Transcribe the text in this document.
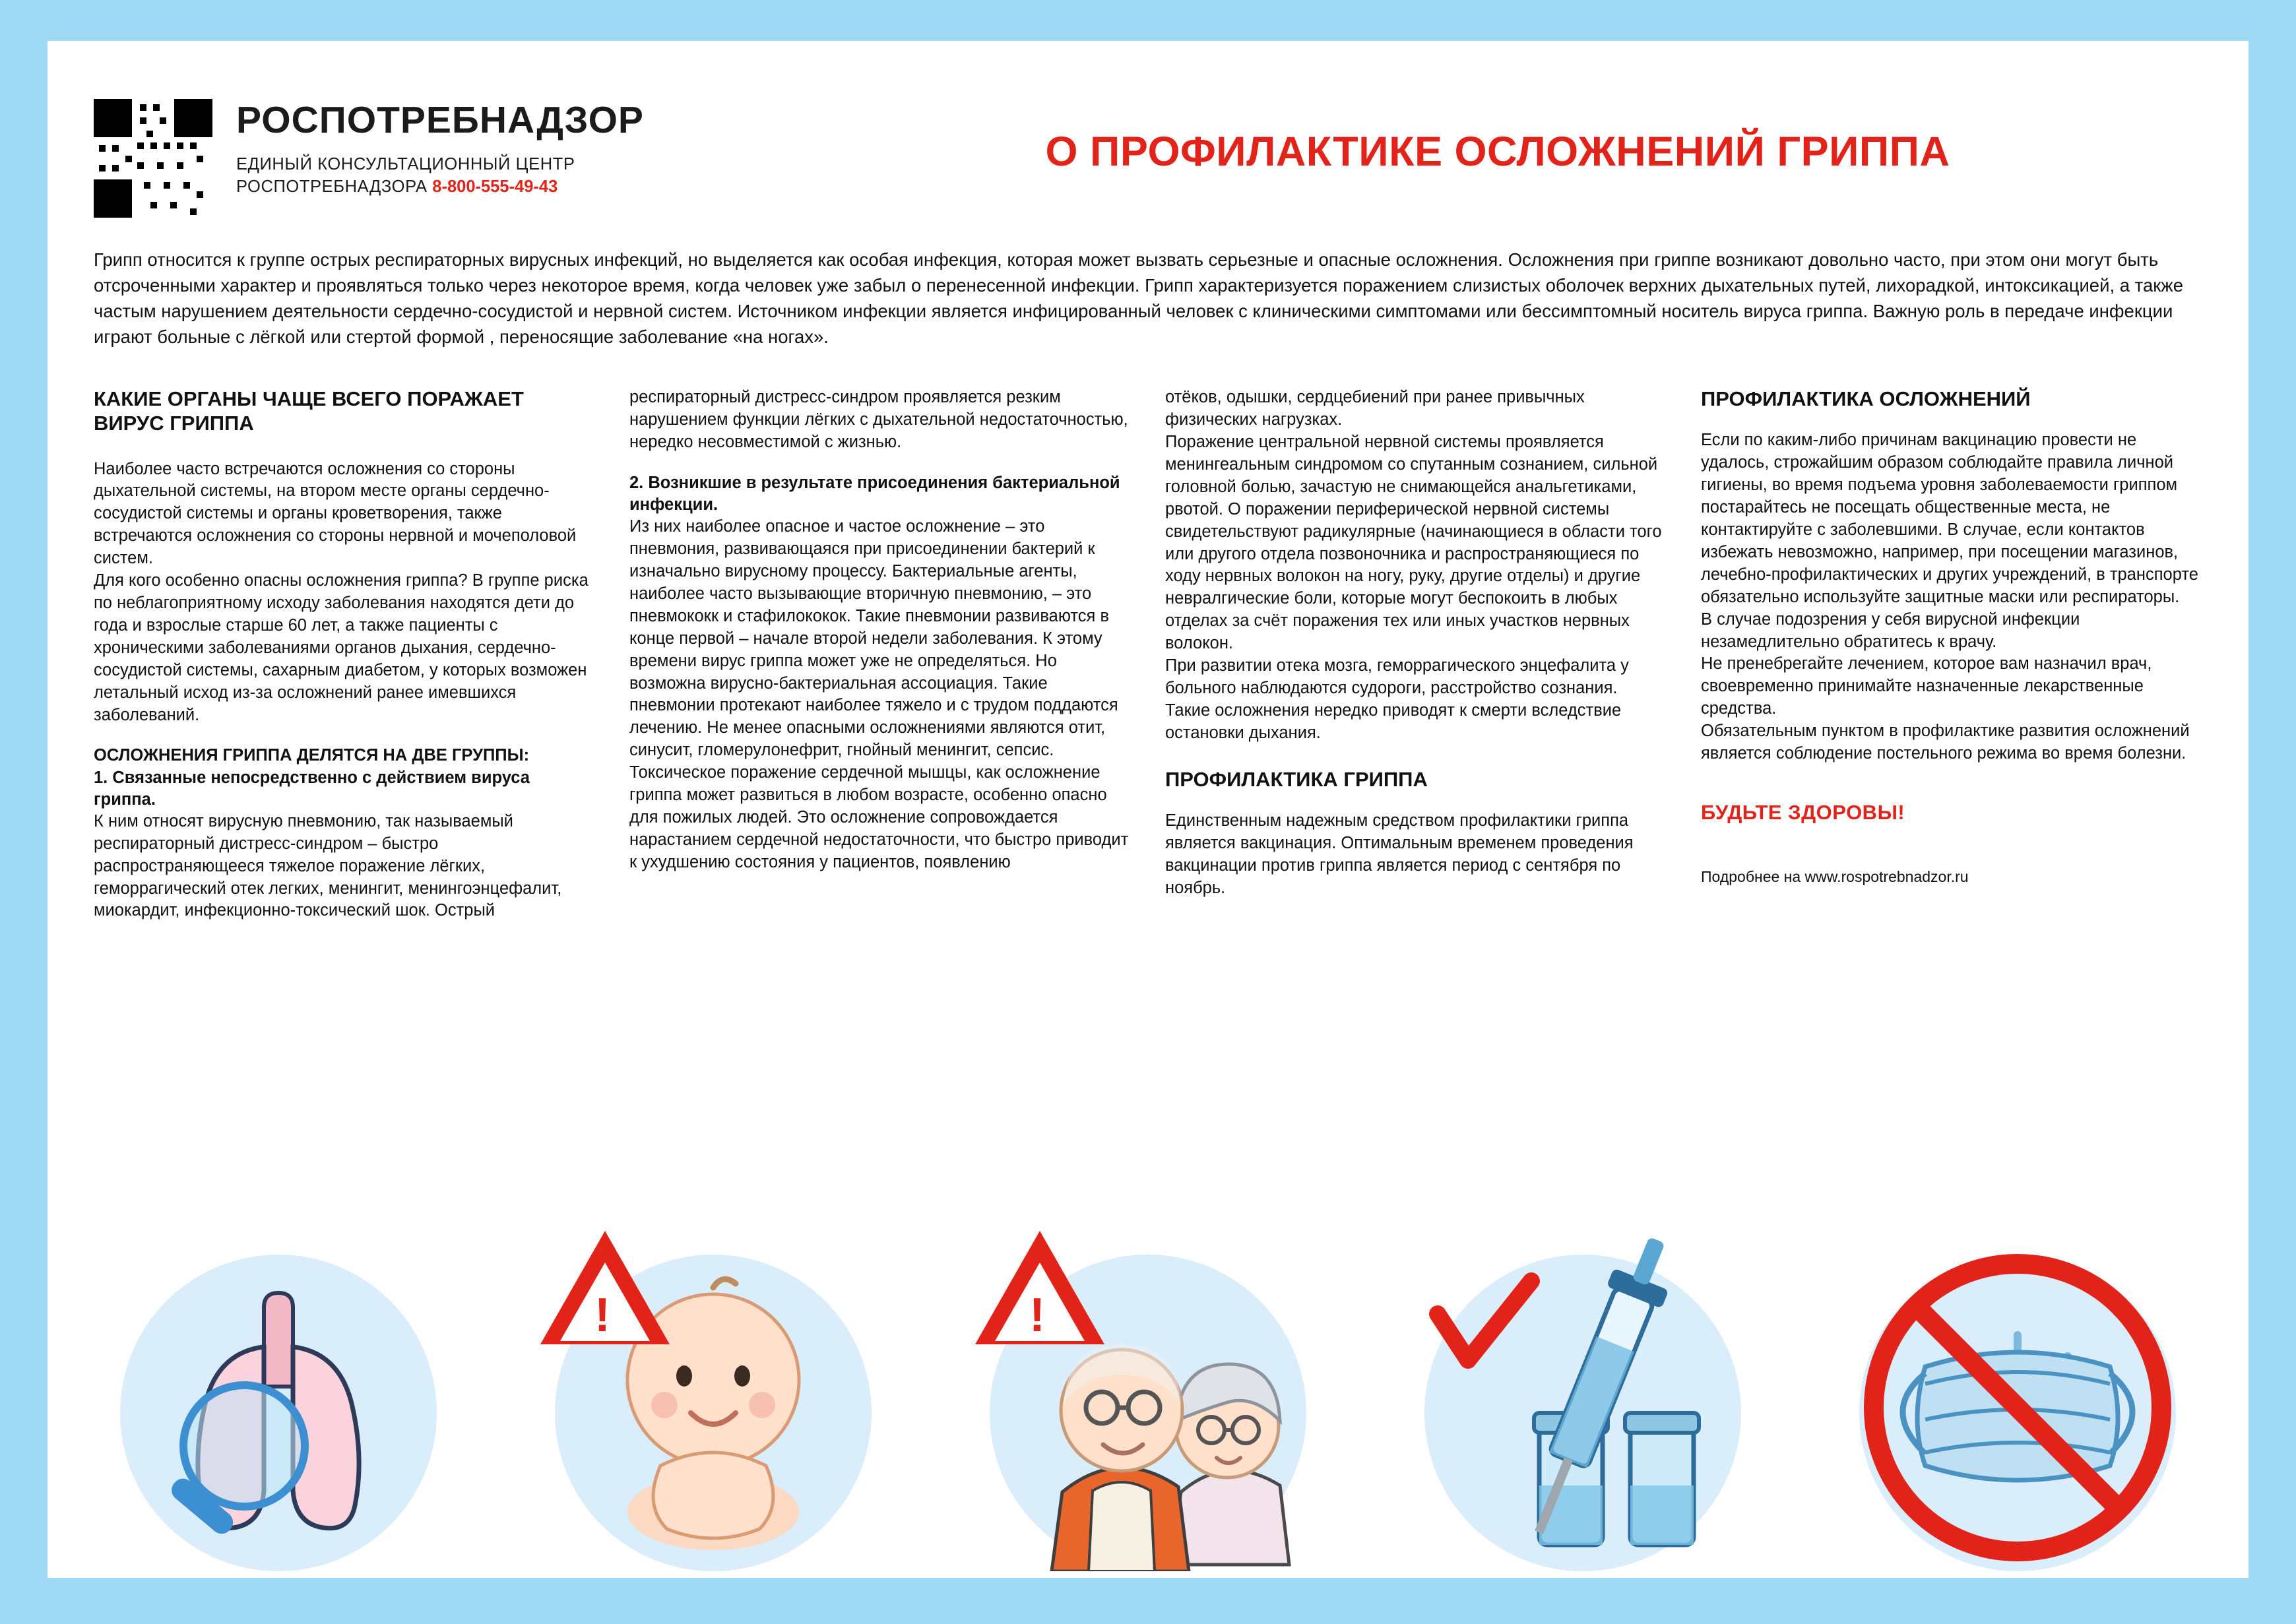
РОСПОТРЕБНАДЗОР
ЕДИНЫЙ КОНСУЛЬТАЦИОННЫЙ ЦЕНТР
РОСПОТРЕБНАДЗОРА 8-800-555-49-43
О ПРОФИЛАКТИКЕ ОСЛОЖНЕНИЙ ГРИППА

Грипп относится к группе острых респираторных вирусных инфекций, но выделяется как особая инфекция, которая может вызвать серьезные и опасные осложнения. Осложнения при гриппе возникают довольно часто, при этом они могут быть отсроченными характер и проявляться только через некоторое время, когда человек уже забыл о перенесенной инфекции. Грипп характеризуется поражением слизистых оболочек верхних дыхательных путей, лихорадкой, интоксикацией, а также частым нарушением деятельности сердечно-сосудистой и нервной систем. Источником инфекции является инфицированный человек с клиническими симптомами или бессимптомный носитель вируса гриппа. Важную роль в передаче инфекции играют больные с лёгкой или стертой формой , переносящие заболевание «на ногах».

КАКИЕ ОРГАНЫ ЧАЩЕ ВСЕГО ПОРАЖАЕТ ВИРУС ГРИППА

Наиболее часто встречаются осложнения со стороны дыхательной системы, на втором месте органы сердечно-сосудистой системы и органы кроветворения, также встречаются осложнения со стороны нервной и мочеполовой систем.

Для кого особенно опасны осложнения гриппа? В группе риска по неблагоприятному исходу заболевания находятся дети до года и взрослые старше 60 лет, а также пациенты с хроническими заболеваниями органов дыхания, сердечно-сосудистой системы, сахарным диабетом, у которых возможен летальный исход из-за осложнений ранее имевшихся заболеваний.

ОСЛОЖНЕНИЯ ГРИППА ДЕЛЯТСЯ НА ДВЕ ГРУППЫ:
1. Связанные непосредственно с действием вируса гриппа.

К ним относят вирусную пневмонию, так называемый респираторный дистресс-синдром – быстро распространяющееся тяжелое поражение лёгких, геморрагический отек легких, менингит, менингоэнцефалит, миокардит, инфекционно-токсический шок. Острый

респираторный дистресс-синдром проявляется резким нарушением функции лёгких с дыхательной недостаточностью, нередко несовместимой с жизнью.

2. Возникшие в результате присоединения бактериальной инфекции.

Из них наиболее опасное и частое осложнение – это пневмония, развивающаяся при присоединении бактерий к изначально вирусному процессу. Бактериальные агенты, наиболее часто вызывающие вторичную пневмонию, – это пневмококк и стафилококок. Такие пневмонии развиваются в конце первой – начале второй недели заболевания. К этому времени вирус гриппа может уже не определяться. Но возможна вирусно-бактериальная ассоциация. Такие пневмонии протекают наиболее тяжело и с трудом поддаются лечению. Не менее опасными осложнениями являются отит, синусит, гломерулонефрит, гнойный менингит, сепсис. Токсическое поражение сердечной мышцы, как осложнение гриппа может развиться в любом возрасте, особенно опасно для пожилых людей. Это осложнение сопровождается нарастанием сердечной недостаточности, что быстро приводит к ухудшению состояния у пациентов, появлению

отёков, одышки, сердцебиений при ранее привычных физических нагрузках.

Поражение центральной нервной системы проявляется менингеальным синдромом со спутанным сознанием, сильной головной болью, зачастую не снимающейся анальгетиками, рвотой. О поражении периферической нервной системы свидетельствуют радикулярные (начинающиеся в области того или другого отдела позвоночника и распространяющиеся по ходу нервных волокон на ногу, руку, другие отделы) и другие невралгические боли, которые могут беспокоить в любых отделах за счёт поражения тех или иных участков нервных волокон.

При развитии отека мозга, геморрагического энцефалита у больного наблюдаются судороги, расстройство сознания. Такие осложнения нередко приводят к смерти вследствие остановки дыхания.

ПРОФИЛАКТИКА ГРИППА

Единственным надежным средством профилактики гриппа является вакцинация. Оптимальным временем проведения вакцинации против гриппа является период с сентября по ноябрь.

ПРОФИЛАКТИКА ОСЛОЖНЕНИЙ

Если по каким-либо причинам вакцинацию провести не удалось, строжайшим образом соблюдайте правила личной гигиены, во время подъема уровня заболеваемости гриппом постарайтесь не посещать общественные места, не контактируйте с заболевшими. В случае, если контактов избежать невозможно, например, при посещении магазинов, лечебно-профилактических и других учреждений, в транспорте обязательно используйте защитные маски или респираторы.

В случае подозрения у себя вирусной инфекции незамедлительно обратитесь к врачу.

Не пренебрегайте лечением, которое вам назначил врач, своевременно принимайте назначенные лекарственные средства.

Обязательным пунктом в профилактике развития осложнений является соблюдение постельного режима во время болезни.

БУДЬТЕ ЗДОРОВЫ!
Подробнее на www.rospotrebnadzor.ru
!	!
